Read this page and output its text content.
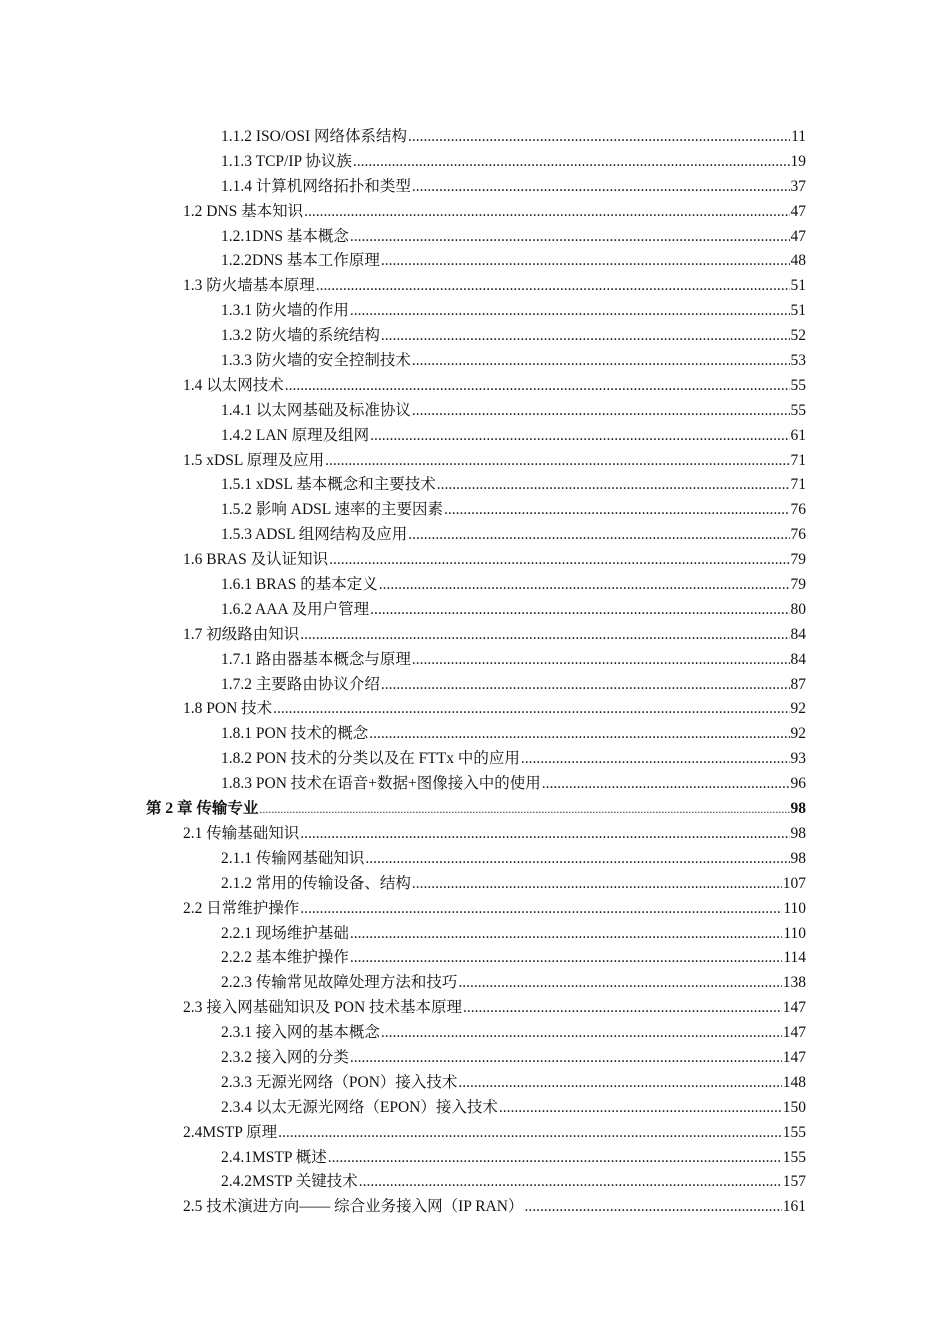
1.1.2 ISO/OSI 网络体系结构 .....	11
1.1.3 TCP/IP 协议族 .....	19
1.1.4 计算机网络拓扑和类型 .....	37
1.2 DNS 基本知识 .....	47
1.2.1DNS 基本概念 .....	47
1.2.2DNS 基本工作原理 .....	48
1.3 防火墙基本原理 .....	51
1.3.1 防火墙的作用 .....	51
1.3.2 防火墙的系统结构 .....	52
1.3.3 防火墙的安全控制技术 .....	53
1.4 以太网技术 .....	55
1.4.1 以太网基础及标准协议 .....	55
1.4.2 LAN 原理及组网 .....	61
1.5 xDSL 原理及应用 .....	71
1.5.1 xDSL 基本概念和主要技术 .....	71
1.5.2 影响 ADSL 速率的主要因素 .....	76
1.5.3 ADSL 组网结构及应用 .....	76
1.6 BRAS 及认证知识 .....	79
1.6.1 BRAS 的基本定义 .....	79
1.6.2 AAA 及用户管理 .....	80
1.7 初级路由知识 .....	84
1.7.1 路由器基本概念与原理 .....	84
1.7.2 主要路由协议介绍 .....	87
1.8 PON 技术 .....	92
1.8.1 PON 技术的概念 .....	92
1.8.2 PON 技术的分类以及在 FTTx 中的应用 .....	93
1.8.3 PON 技术在语音+数据+图像接入中的使用 .....	96
第 2 章 传输专业 .....	98
2.1 传输基础知识 .....	98
2.1.1 传输网基础知识 .....	98
2.1.2 常用的传输设备、结构 .....	107
2.2 日常维护操作 .....	110
2.2.1 现场维护基础 .....	110
2.2.2 基本维护操作 .....	114
2.2.3 传输常见故障处理方法和技巧 .....	138
2.3 接入网基础知识及 PON 技术基本原理 .....	147
2.3.1 接入网的基本概念 .....	147
2.3.2 接入网的分类 .....	147
2.3.3 无源光网络（PON）接入技术 .....	148
2.3.4 以太无源光网络（EPON）接入技术 .....	150
2.4MSTP 原理 .....	155
2.4.1MSTP 概述 .....	155
2.4.2MSTP 关键技术 .....	157
2.5 技术演进方向—— 综合业务接入网（IP RAN） .....	161
